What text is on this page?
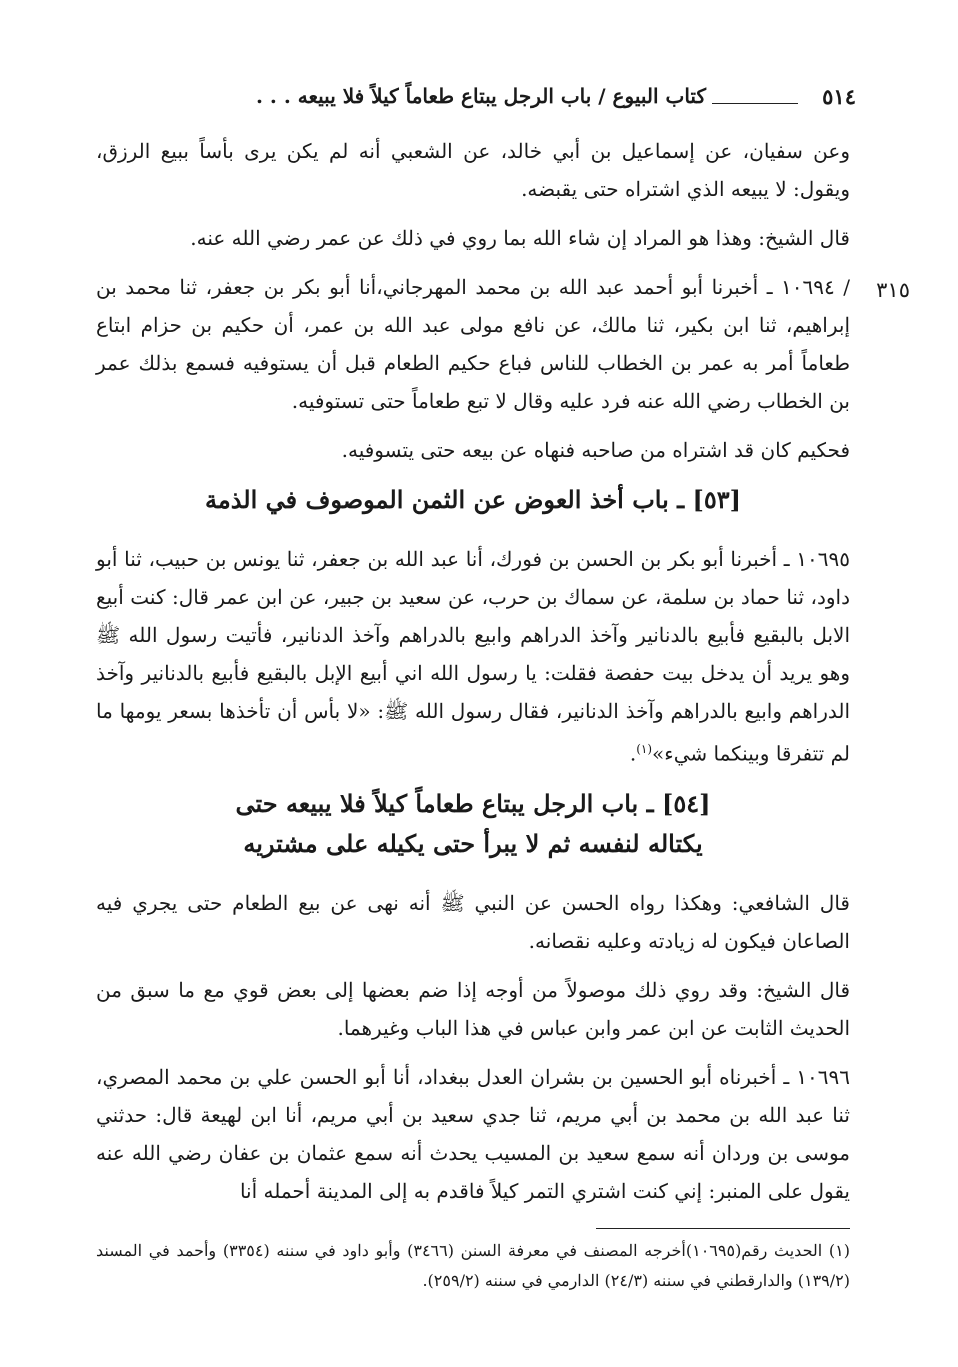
٥١٤
كتاب البيوع / باب الرجل يبتاع طعاماً كيلاً فلا يبيعه . . .
٣١٥

وعن سفيان، عن إسماعيل بن أبي خالد، عن الشعبي أنه لم يكن يرى بأساً ببيع الرزق، ويقول: لا يبيعه الذي اشتراه حتى يقبضه.

قال الشيخ: وهذا هو المراد إن شاء الله بما روي في ذلك عن عمر رضي الله عنه.

/ ١٠٦٩٤ ـ أخبرنا أبو أحمد عبد الله بن محمد المهرجاني،أنا أبو بكر بن جعفر، ثنا محمد بن إبراهيم، ثنا ابن بكير، ثنا مالك، عن نافع مولى عبد الله بن عمر، أن حكيم بن حزام ابتاع طعاماً أمر به عمر بن الخطاب للناس فباع حكيم الطعام قبل أن يستوفيه فسمع بذلك عمر بن الخطاب رضي الله عنه فرد عليه وقال لا تبع طعاماً حتى تستوفيه.

فحكيم كان قد اشتراه من صاحبه فنهاه عن بيعه حتى يتسوفيه.

[٥٣] ـ باب أخذ العوض عن الثمن الموصوف في الذمة

١٠٦٩٥ ـ أخبرنا أبو بكر بن الحسن بن فورك، أنا عبد الله بن جعفر، ثنا يونس بن حبيب، ثنا أبو داود، ثنا حماد بن سلمة، عن سماك بن حرب، عن سعيد بن جبير، عن ابن عمر قال: كنت أبيع الابل بالبقيع فأبيع بالدنانير وآخذ الدراهم وابيع بالدراهم وآخذ الدنانير، فأتيت رسول الله ﷺ وهو يريد أن يدخل بيت حفصة فقلت: يا رسول الله اني أبيع الإبل بالبقيع فأبيع بالدنانير وآخذ الدراهم وابيع بالدراهم وآخذ الدنانير، فقال رسول الله ﷺ: «لا بأس أن تأخذها بسعر يومها ما لم تتفرقا وبينكما شيء»$^{(١)}$.

[٥٤] ـ باب الرجل يبتاع طعاماً كيلاً فلا يبيعه حتى
يكتاله لنفسه ثم لا يبرأ حتى يكيله على مشتريه

قال الشافعي: وهكذا رواه الحسن عن النبي ﷺ أنه نهى عن بيع الطعام حتى يجري فيه الصاعان فيكون له زيادته وعليه نقصانه.

قال الشيخ: وقد روي ذلك موصولاً من أوجه إذا ضم بعضها إلى بعض قوي مع ما سبق من الحديث الثابت عن ابن عمر وابن عباس في هذا الباب وغيرهما.

١٠٦٩٦ ـ أخبرناه أبو الحسين بن بشران العدل ببغداد، أنا أبو الحسن علي بن محمد المصري، ثنا عبد الله بن محمد بن أبي مريم، ثنا جدي سعيد بن أبي مريم، أنا ابن لهيعة قال: حدثني موسى بن وردان أنه سمع سعيد بن المسيب يحدث أنه سمع عثمان بن عفان رضي الله عنه يقول على المنبر: إني كنت اشتري التمر كيلاً فاقدم به إلى المدينة أحمله أنا

(١) الحديث رقم(١٠٦٩٥)أخرجه المصنف في معرفة السنن (٣٤٦٦) وأبو داود في سننه (٣٣٥٤) وأحمد في المسند (١٣٩/٢) والدارقطني في سننه (٢٤/٣) الدارمي في سننه (٢٥٩/٢).
